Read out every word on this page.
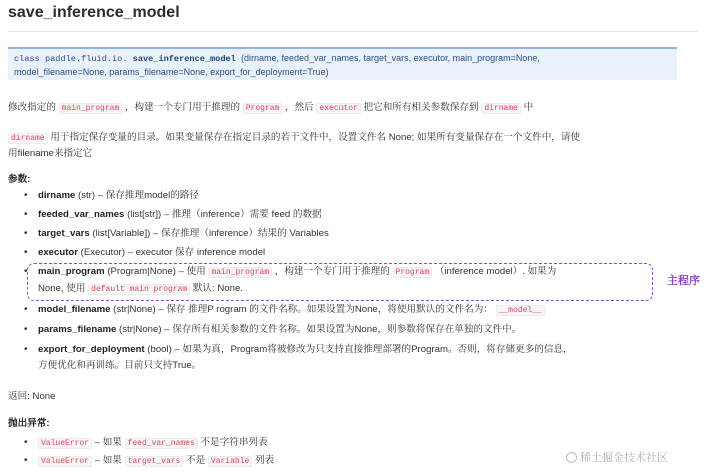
save_inference_model
class paddle.fluid.io. save_inference_model (dirname, feeded_var_names, target_vars, executor, main_program=None,
model_filename=None, params_filename=None, export_for_deployment=True)
修改指定的 main_program ，构建一个专门用于推理的 Program ，然后 executor 把它和所有相关参数保存到 dirname 中
dirname 用于指定保存变量的目录。如果变量保存在指定目录的若干文件中，设置文件名 None; 如果所有变量保存在一个文件中，请使
用filename来指定它
参数:
• dirname (str) – 保存推理model的路径
• feeded_var_names (list[str]) – 推理（inference）需要 feed 的数据
• target_vars (list[Variable]) – 保存推理（inference）结果的 Variables
• executor (Executor) – executor 保存 inference model
• main_program (Program|None) – 使用 main_program ，构建一个专门用于推理的 Program （inference model）. 如果为
None, 使用 default main program 默认: None.
• model_filename (str|None) – 保存 推理P rogram 的文件名称。如果设置为None，将使用默认的文件名为： __model__
• params_filename (str|None) – 保存所有相关参数的文件名称。如果设置为None，则参数将保存在单独的文件中。
• export_for_deployment (bool) – 如果为真，Program将被修改为只支持直接推理部署的Program。否则，将存储更多的信息，
方便优化和再训练。目前只支持True。
主程序
返回: None
抛出异常:
• ValueError – 如果 feed_var_names 不是字符串列表
• ValueError – 如果 target_vars 不是 Variable 列表	稀土掘金技术社区
